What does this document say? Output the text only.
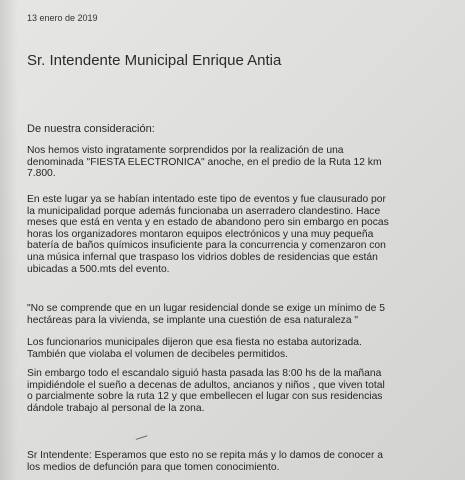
13 enero de 2019
Sr. Intendente Municipal Enrique Antia
De nuestra consideración:
Nos hemos visto ingratamente sorprendidos por la realización de una
denominada "FIESTA ELECTRONICA" anoche, en el predio de la Ruta 12 km
7.800.
En este lugar ya se habían intentado este tipo de eventos y fue clausurado por
la municipalidad porque además funcionaba un aserradero clandestino. Hace
meses que está en venta y en estado de abandono pero sin embargo en pocas
horas los organizadores montaron equipos electrónicos y una muy pequeña
batería de baños químicos insuficiente para la concurrencia y comenzaron con
una música infernal que traspaso los vidrios dobles de residencias que están
ubicadas a 500.mts del evento.
"No se comprende que en un lugar residencial donde se exige un mínimo de 5
hectáreas para la vivienda, se implante una cuestión de esa naturaleza "
Los funcionarios municipales dijeron que esa fiesta no estaba autorizada.
También que violaba el volumen de decibeles permitidos.
Sin embargo todo el escandalo siguió hasta pasada las 8:00 hs de la mañana
impidiéndole el sueño a decenas de adultos, ancianos y niños , que viven total
o parcialmente sobre la ruta 12 y que embellecen el lugar con sus residencias
dándole trabajo al personal de la zona.
Sr Intendente: Esperamos que esto no se repita más y lo damos de conocer a
los medios de defunción para que tomen conocimiento.
